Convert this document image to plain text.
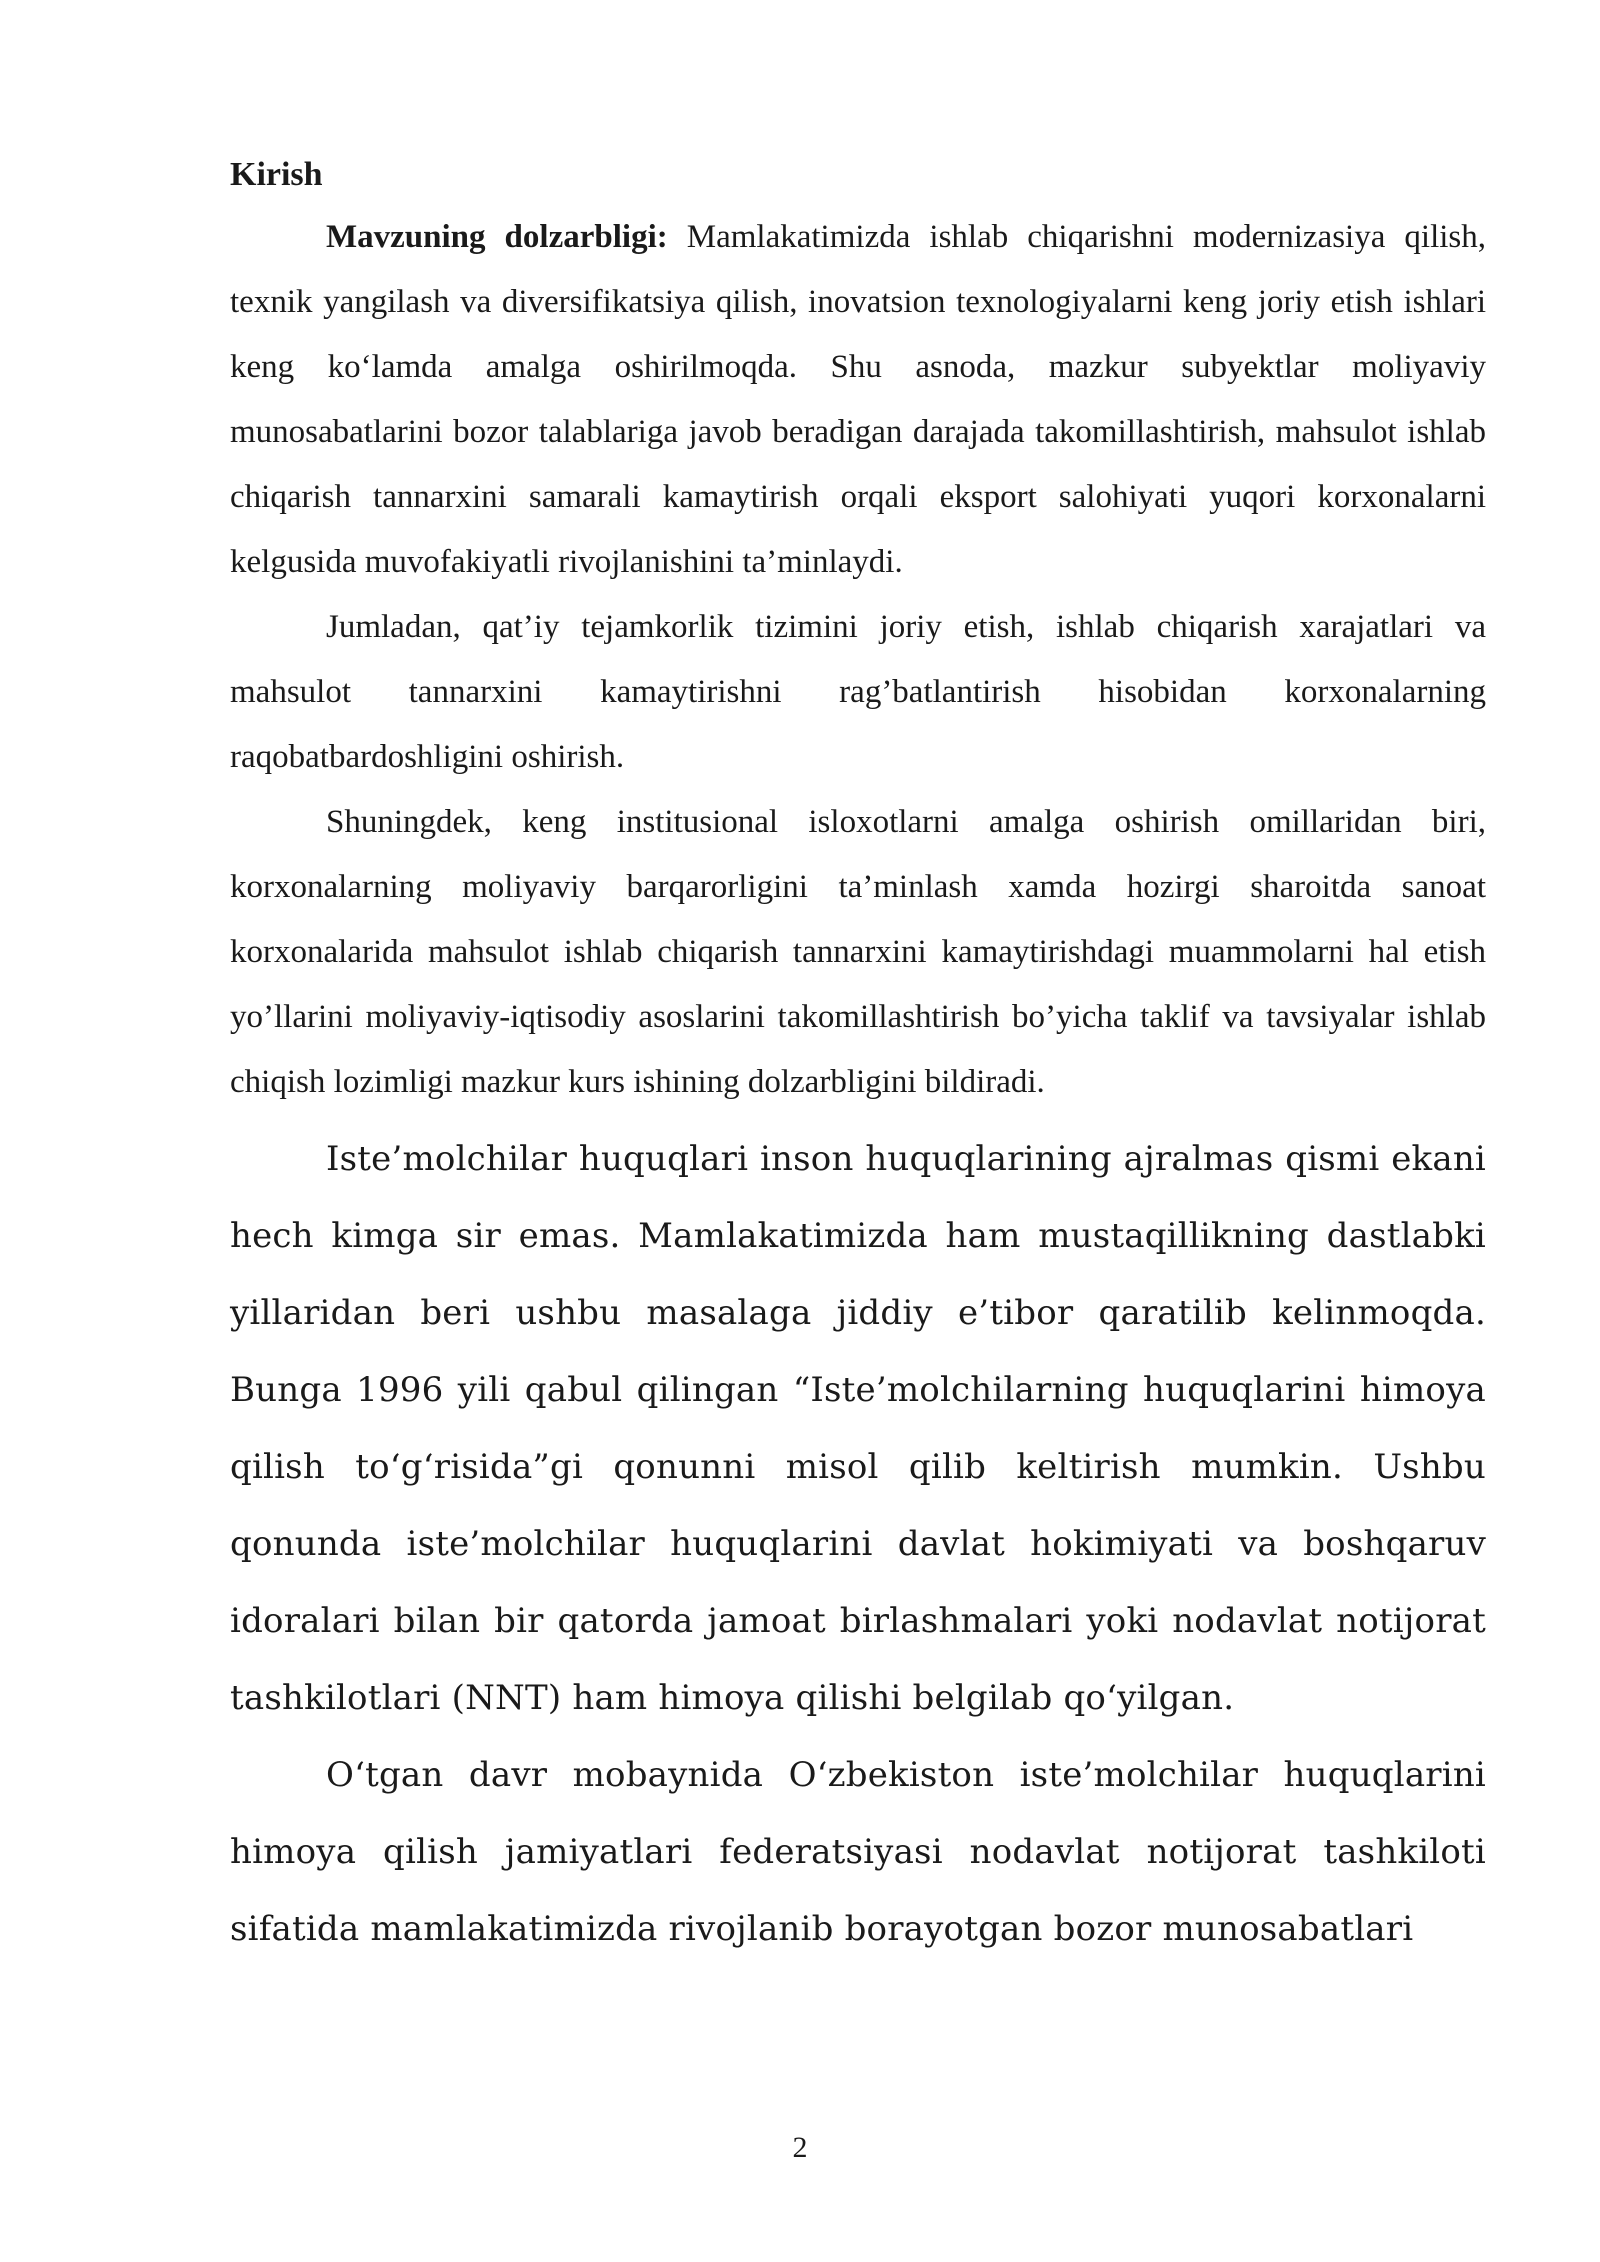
Kirish

Mavzuning dolzarbligi: Mamlakatimizda ishlab chiqarishni modernizasiya qilish, texnik yangilash va diversifikatsiya qilish, inovatsion texnologiyalarni keng joriy etish ishlari keng ko‘lamda amalga oshirilmoqda. Shu asnoda, mazkur subyektlar moliyaviy munosabatlarini bozor talablariga javob beradigan darajada takomillashtirish, mahsulot ishlab chiqarish tannarxini samarali kamaytirish orqali eksport salohiyati yuqori korxonalarni kelgusida muvofakiyatli rivojlanishini ta’minlaydi.

Jumladan, qat’iy tejamkorlik tizimini joriy etish, ishlab chiqarish xarajatlari va mahsulot tannarxini kamaytirishni rag’batlantirish hisobidan korxonalarning raqobatbardoshligini oshirish.

Shuningdek, keng institusional isloxotlarni amalga oshirish omillaridan biri, korxonalarning moliyaviy barqarorligini ta’minlash xamda hozirgi sharoitda sanoat korxonalarida mahsulot ishlab chiqarish tannarxini kamaytirishdagi muammolarni hal etish yo’llarini moliyaviy-iqtisodiy asoslarini takomillashtirish bo’yicha taklif va tavsiyalar ishlab chiqish lozimligi mazkur kurs ishining dolzarbligini bildiradi.

Iste’molchilar huquqlari inson huquqlarining ajralmas qismi ekani hech kimga sir emas. Mamlakatimizda ham mustaqillikning dastlabki yillaridan beri ushbu masalaga jiddiy e’tibor qaratilib kelinmoqda. Bunga 1996 yili qabul qilingan “Iste’molchilarning huquqlarini himoya qilish to‘g‘risida”gi qonunni misol qilib keltirish mumkin. Ushbu qonunda iste’molchilar huquqlarini davlat hokimiyati va boshqaruv idoralari bilan bir qatorda jamoat birlashmalari yoki nodavlat notijorat tashkilotlari (NNT) ham himoya qilishi belgilab qo‘yilgan.

O‘tgan davr mobaynida O‘zbekiston iste’molchilar huquqlarini himoya qilish jamiyatlari federatsiyasi nodavlat notijorat tashkiloti sifatida mamlakatimizda rivojlanib borayotgan bozor munosabatlari

2
